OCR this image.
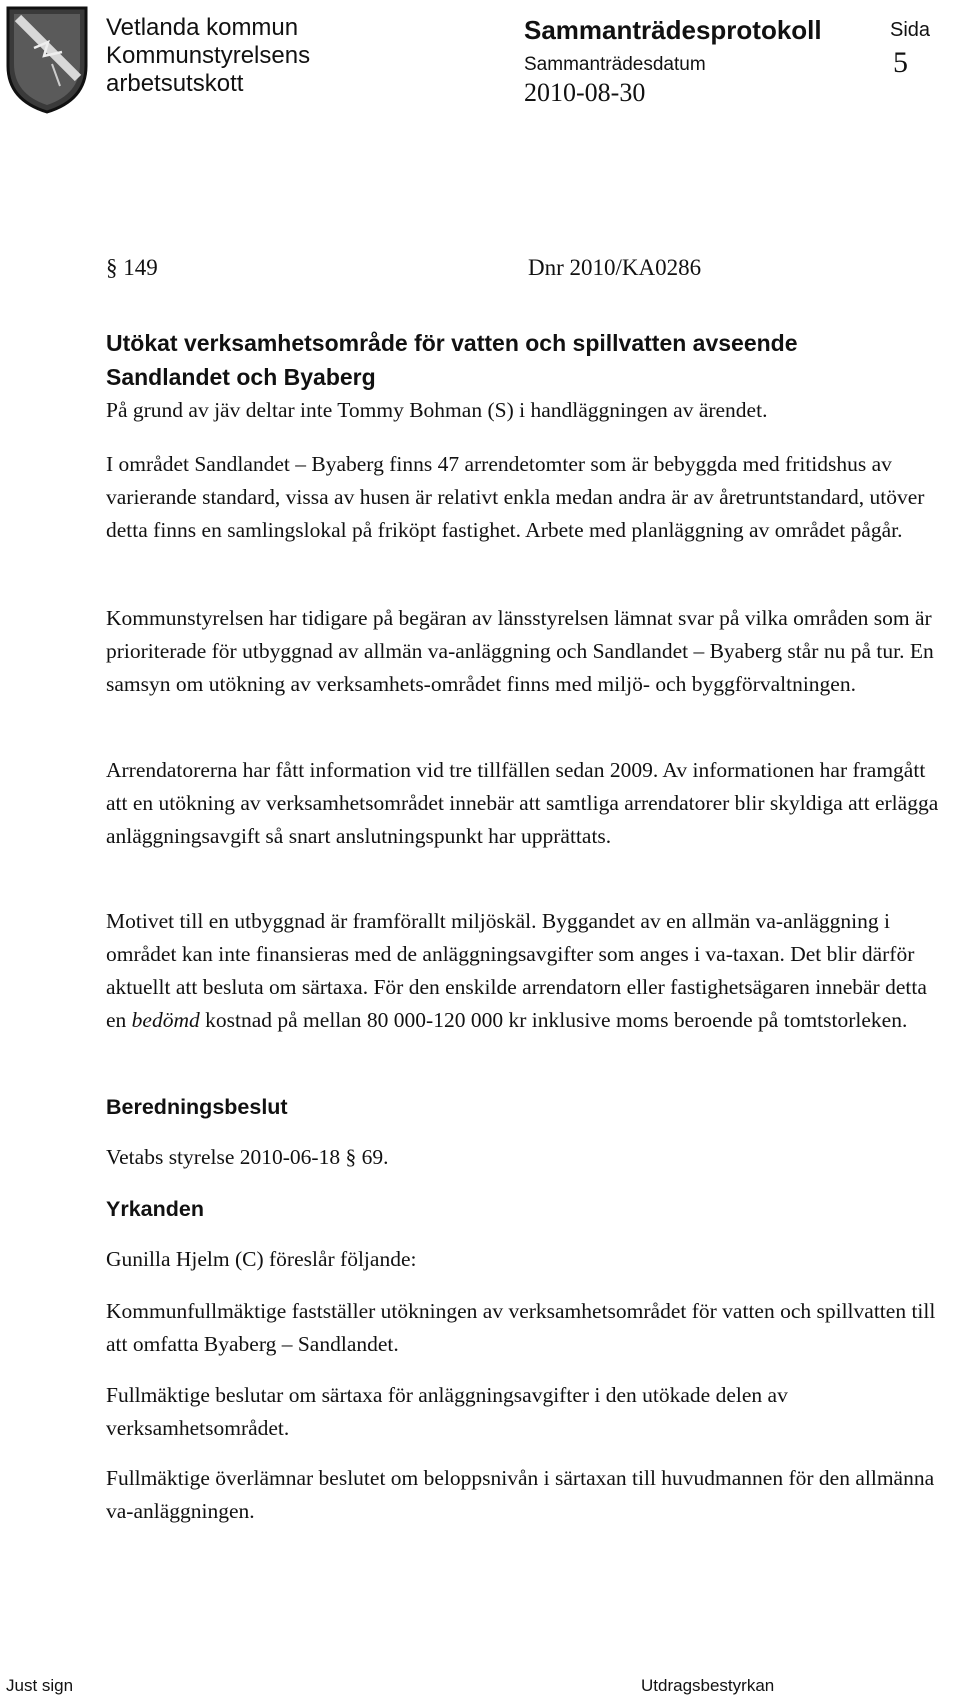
Vetlanda kommun
Kommunstyrelsens
arbetsutskott
Sammanträdesprotokoll	Sida
Sammanträdesdatum	5
2010-08-30
§ 149	Dnr 2010/KA0286
Utökat verksamhetsområde för vatten och spillvatten avseende
Sandlandet och Byaberg

På grund av jäv deltar inte Tommy Bohman (S) i handläggningen av ärendet.

I området Sandlandet – Byaberg finns 47 arrendetomter som är bebyggda med fritidshus av varierande standard, vissa av husen är relativt enkla medan andra är av åretruntstandard, utöver detta finns en samlingslokal på friköpt fastighet. Arbete med planläggning av området pågår.

Kommunstyrelsen har tidigare på begäran av länsstyrelsen lämnat svar på vilka områden som är prioriterade för utbyggnad av allmän va-anläggning och Sandlandet – Byaberg står nu på tur. En samsyn om utökning av verksamhets-området finns med miljö- och byggförvaltningen.

Arrendatorerna har fått information vid tre tillfällen sedan 2009. Av informationen har framgått att en utökning av verksamhetsområdet innebär att samtliga arrendatorer blir skyldiga att erlägga anläggningsavgift så snart anslutningspunkt har upprättats.

Motivet till en utbyggnad är framförallt miljöskäl. Byggandet av en allmän va-anläggning i området kan inte finansieras med de anläggningsavgifter som anges i va-taxan. Det blir därför aktuellt att besluta om särtaxa. För den enskilde arrendatorn eller fastighetsägaren innebär detta en bedömd kostnad på mellan 80 000-120 000 kr inklusive moms beroende på tomtstorleken.

Beredningsbeslut

Vetabs styrelse 2010-06-18 § 69.

Yrkanden

Gunilla Hjelm (C) föreslår följande:

Kommunfullmäktige fastställer utökningen av verksamhetsområdet för vatten och spillvatten till att omfatta Byaberg – Sandlandet.

Fullmäktige beslutar om särtaxa för anläggningsavgifter i den utökade delen av verksamhetsområdet.

Fullmäktige överlämnar beslutet om beloppsnivån i särtaxan till huvudmannen för den allmänna va-anläggningen.

Just sign	Utdragsbestyrkan
